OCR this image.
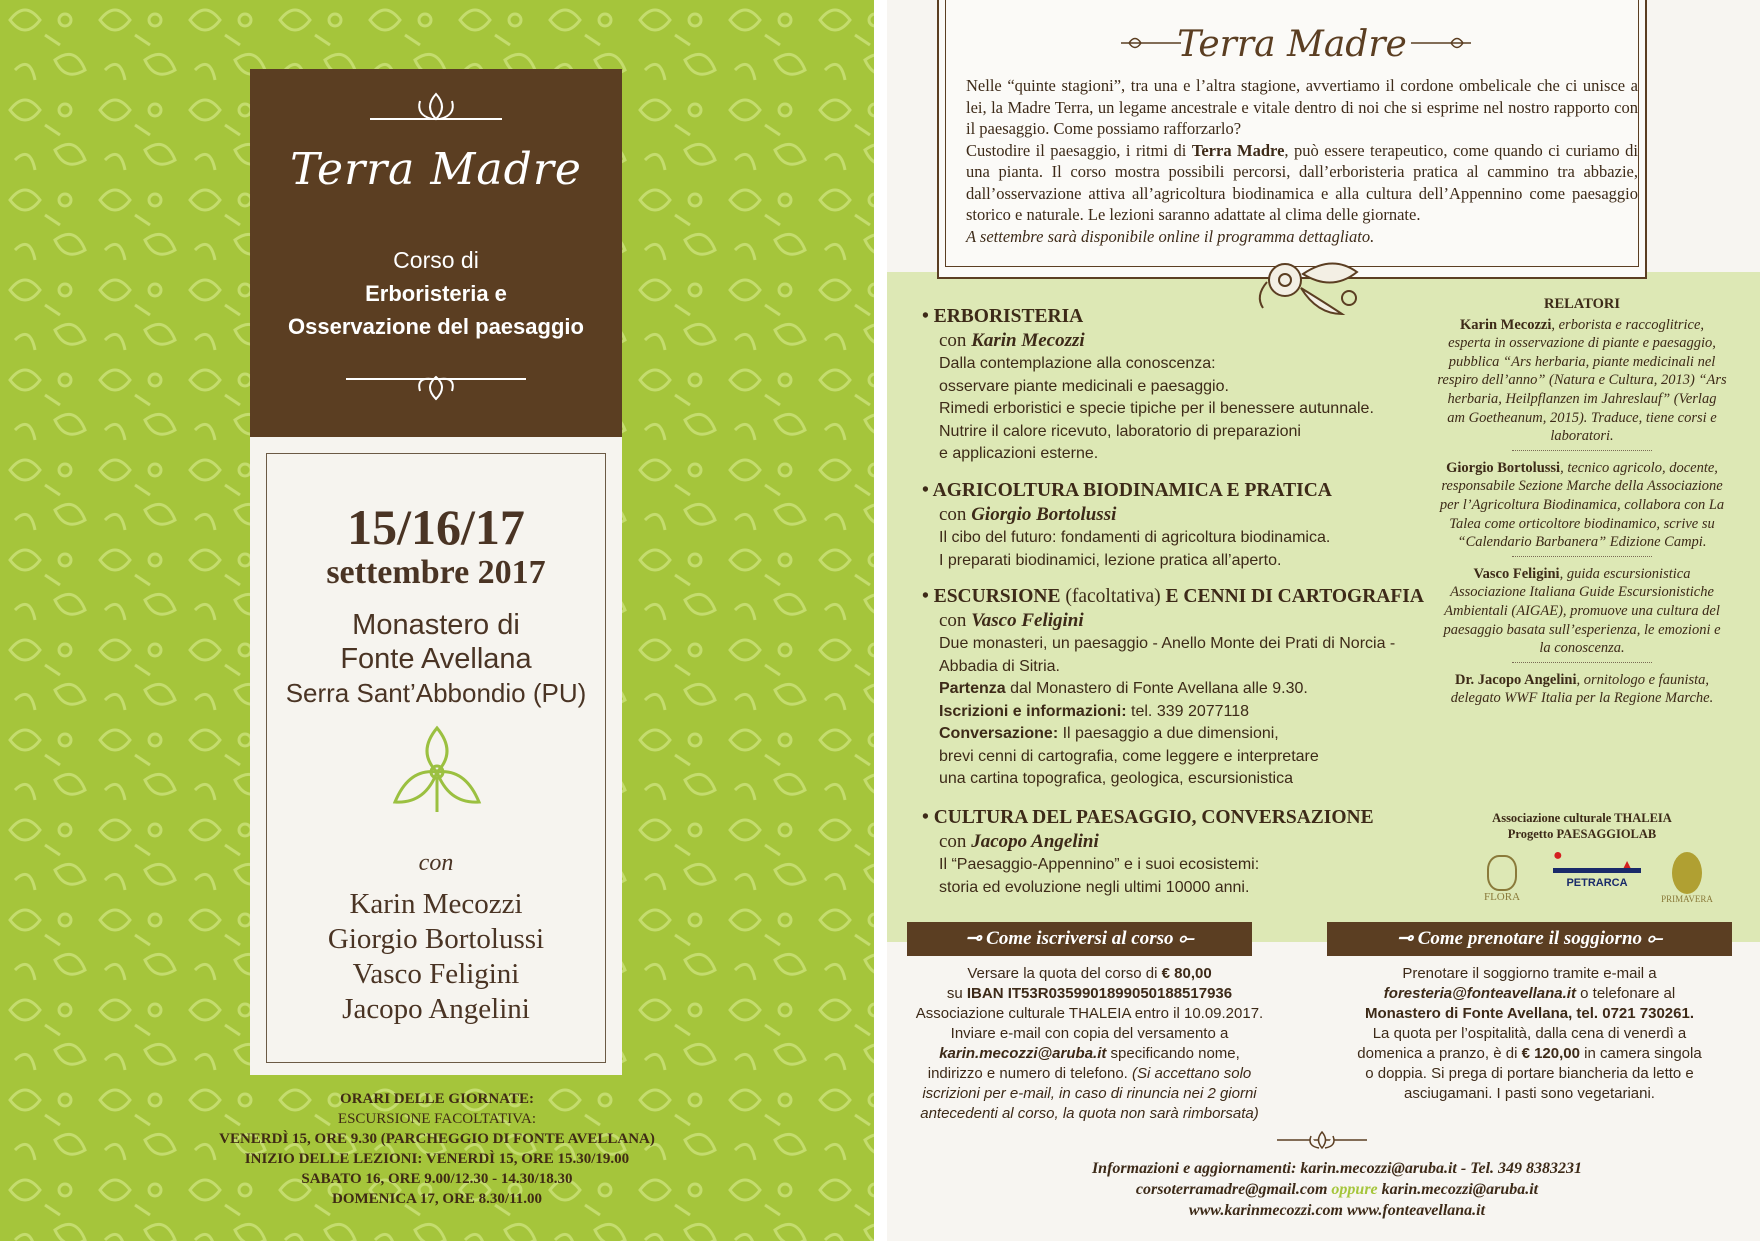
Terra Madre
Corso di
Erboristeria e
Osservazione del paesaggio
15/16/17
settembre 2017
Monastero di
Fonte Avellana
Serra Sant’Abbondio (PU)
con
Karin Mecozzi
Giorgio Bortolussi
Vasco Feligini
Jacopo Angelini
ORARI DELLE GIORNATE:
ESCURSIONE FACOLTATIVA:
VENERDÌ 15, ORE 9.30 (PARCHEGGIO DI FONTE AVELLANA)
INIZIO DELLE LEZIONI: VENERDÌ 15, ORE 15.30/19.00
SABATO 16, ORE 9.00/12.30 - 14.30/18.30
DOMENICA 17, ORE 8.30/11.00
Terra Madre
Nelle “quinte stagioni”, tra una e l’altra stagione, avvertiamo il cordone ombelicale che ci unisce a lei, la Madre Terra, un legame ancestrale e vitale dentro di noi che si esprime nel nostro rapporto con il paesaggio. Come possiamo rafforzarlo?
Custodire il paesaggio, i ritmi di Terra Madre, può essere terapeutico, come quando ci curiamo di una pianta. Il corso mostra possibili percorsi, dall’erboristeria pratica al cammino tra abbazie, dall’osservazione attiva all’agricoltura biodinamica e alla cultura dell’Appennino come paesaggio storico e naturale. Le lezioni saranno adattate al clima delle giornate.
A settembre sarà disponibile online il programma dettagliato.
• ERBORISTERIA
con Karin Mecozzi
Dalla contemplazione alla conoscenza:
osservare piante medicinali e paesaggio.
Rimedi erboristici e specie tipiche per il benessere autunnale.
Nutrire il calore ricevuto, laboratorio di preparazioni
e applicazioni esterne.
• AGRICOLTURA BIODINAMICA E PRATICA
con Giorgio Bortolussi
Il cibo del futuro: fondamenti di agricoltura biodinamica.
I preparati biodinamici, lezione pratica all’aperto.
• ESCURSIONE (facoltativa) E CENNI DI CARTOGRAFIA
con Vasco Feligini
Due monasteri, un paesaggio - Anello Monte dei Prati di Norcia -
Abbadia di Sitria.
Partenza dal Monastero di Fonte Avellana alle 9.30.
Iscrizioni e informazioni: tel. 339 2077118
Conversazione: Il paesaggio a due dimensioni,
brevi cenni di cartografia, come leggere e interpretare
una cartina topografica, geologica, escursionistica
• CULTURA DEL PAESAGGIO, CONVERSAZIONE
con Jacopo Angelini
Il “Paesaggio-Appennino” e i suoi ecosistemi:
storia ed evoluzione negli ultimi 10000 anni.
RELATORI

Karin Mecozzi, erborista e raccoglitrice, esperta in osservazione di piante e paesaggio, pubblica “Ars herbaria, piante medicinali nel respiro dell’anno” (Natura e Cultura, 2013) “Ars herbaria, Heilpflanzen im Jahreslauf” (Verlag am Goetheanum, 2015). Traduce, tiene corsi e laboratori.

Giorgio Bortolussi, tecnico agricolo, docente, responsabile Sezione Marche della Associazione per l’Agricoltura Biodinamica, collabora con La Talea come orticoltore biodinamico, scrive su “Calendario Barbanera” Edizione Campi.

Vasco Feligini, guida escursionistica Associazione Italiana Guide Escursionistiche Ambientali (AIGAE), promuove una cultura del paesaggio basata sull’esperienza, le emozioni e la conoscenza.

Dr. Jacopo Angelini, ornitologo e faunista, delegato WWF Italia per la Regione Marche.

Associazione culturale THALEIA
Progetto PAESAGGIOLAB
FLORA
●	▲
PETRARCA
PRIMAVERA
⊸ Come iscriversi al corso ⟜	⊸ Come prenotare il soggiorno ⟜
Versare la quota del corso di € 80,00
su IBAN IT53R0359901899050188517936
Associazione culturale THALEIA entro il 10.09.2017.
Inviare e-mail con copia del versamento a
karin.mecozzi@aruba.it specificando nome,
indirizzo e numero di telefono. (Si accettano solo
iscrizioni per e-mail, in caso di rinuncia nei 2 giorni
antecedenti al corso, la quota non sarà rimborsata)
Prenotare il soggiorno tramite e-mail a
foresteria@fonteavellana.it o telefonare al
Monastero di Fonte Avellana, tel. 0721 730261.
La quota per l’ospitalità, dalla cena di venerdì a
domenica a pranzo, è di € 120,00 in camera singola
o doppia. Si prega di portare biancheria da letto e
asciugamani. I pasti sono vegetariani.
Informazioni e aggiornamenti: karin.mecozzi@aruba.it - Tel. 349 8383231
corsoterramadre@gmail.com oppure karin.mecozzi@aruba.it
www.karinmecozzi.com www.fonteavellana.it
